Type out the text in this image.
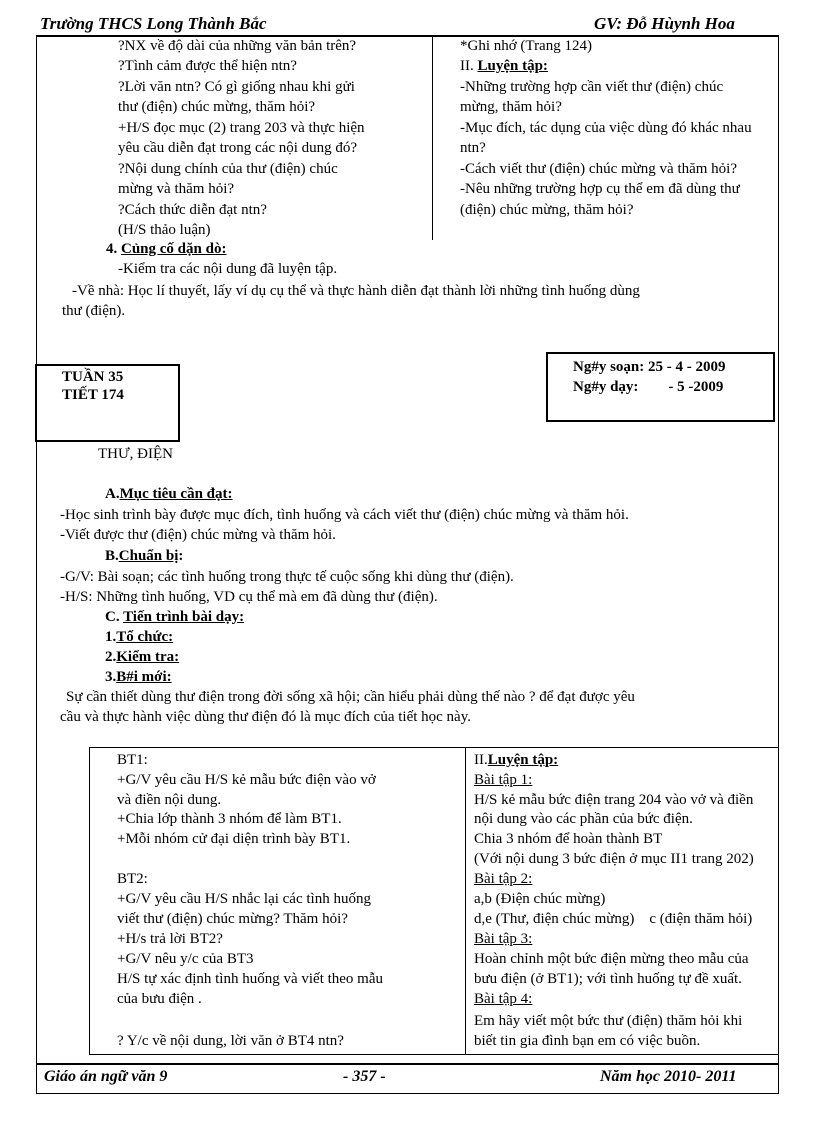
Trường THCS Long Thành Bắc	GV: Đỗ Hùynh Hoa
?NX về độ dài của những văn bản trên?
?Tình cảm được thể hiện ntn?
?Lời văn ntn? Có gì giống nhau khi gửi
thư (điện) chúc mừng, thăm hỏi?
+H/S đọc mục (2) trang 203 và thực hiện
yêu cầu diễn đạt trong các nội dung đó?
?Nội dung chính của thư (điện) chúc
mừng và thăm hỏi?
?Cách thức diễn đạt ntn?
(H/S thảo luận)
*Ghi nhớ (Trang 124)
II. Luyện tập:
-Những trường hợp cần viết thư (điện) chúc
mừng, thăm hỏi?
-Mục đích, tác dụng của việc dùng đó khác nhau
ntn?
-Cách viết thư (điện) chúc mừng và thăm hỏi?
-Nêu những trường hợp cụ thể em đã dùng thư
(điện) chúc mừng, thăm hỏi?
4. Củng cố dặn dò:
-Kiểm tra các nội dung đã luyện tập.
-Về nhà: Học lí thuyết, lấy ví dụ cụ thể và thực hành diễn đạt thành lời những tình huống dùng
thư (điện).
TUẦN 35
TIẾT 174
Ng#y soạn: 25 - 4 - 2009
Ng#y dạy: - 5 -2009
THƯ, ĐIỆN
A.Mục tiêu cần đạt:
-Học sinh trình bày được mục đích, tình huống và cách viết thư (điện) chúc mừng và thăm hỏi.
-Viết được thư (điện) chúc mừng và thăm hỏi.
B.Chuẩn bị:
-G/V: Bài soạn; các tình huống trong thực tế cuộc sống khi dùng thư (điện).
-H/S: Những tình huống, VD cụ thể mà em đã dùng thư (điện).
C. Tiến trình bài dạy:
1.Tổ chức:
2.Kiểm tra:
3.B#i mới:
Sự cần thiết dùng thư điện trong đời sống xã hội; cần hiểu phải dùng thế nào ? để đạt được yêu
cầu và thực hành việc dùng thư điện đó là mục đích của tiết học này.
BT1:
+G/V yêu cầu H/S kẻ mẫu bức điện vào vở
và điền nội dung.
+Chia lớp thành 3 nhóm để làm BT1.
+Mỗi nhóm cử đại diện trình bày BT1.
BT2:
+G/V yêu cầu H/S nhắc lại các tình huống
viết thư (điện) chúc mừng? Thăm hỏi?
+H/s trả lời BT2?
+G/V nêu y/c của BT3
H/S tự xác định tình huống và viết theo mẫu
của bưu điện .
? Y/c về nội dung, lời văn ở BT4 ntn?
II.Luyện tập:
Bài tập 1:
H/S kẻ mẫu bức điện trang 204 vào vở và điền
nội dung vào các phần của bức điện.
Chia 3 nhóm để hoàn thành BT
(Với nội dung 3 bức điện ở mục II1 trang 202)
Bài tập 2:
a,b (Điện chúc mừng)
d,e (Thư, điện chúc mừng)    c (điện thăm hỏi)
Bài tập 3:
Hoàn chỉnh một bức điện mừng theo mẫu của
bưu điện (ở BT1); với tình huống tự đề xuất.
Bài tập 4:
Em hãy viết một bức thư (điện) thăm hỏi khi
biết tin gia đình bạn em có việc buồn.
Giáo án ngữ văn 9	- 357 -	Năm học 2010- 2011
